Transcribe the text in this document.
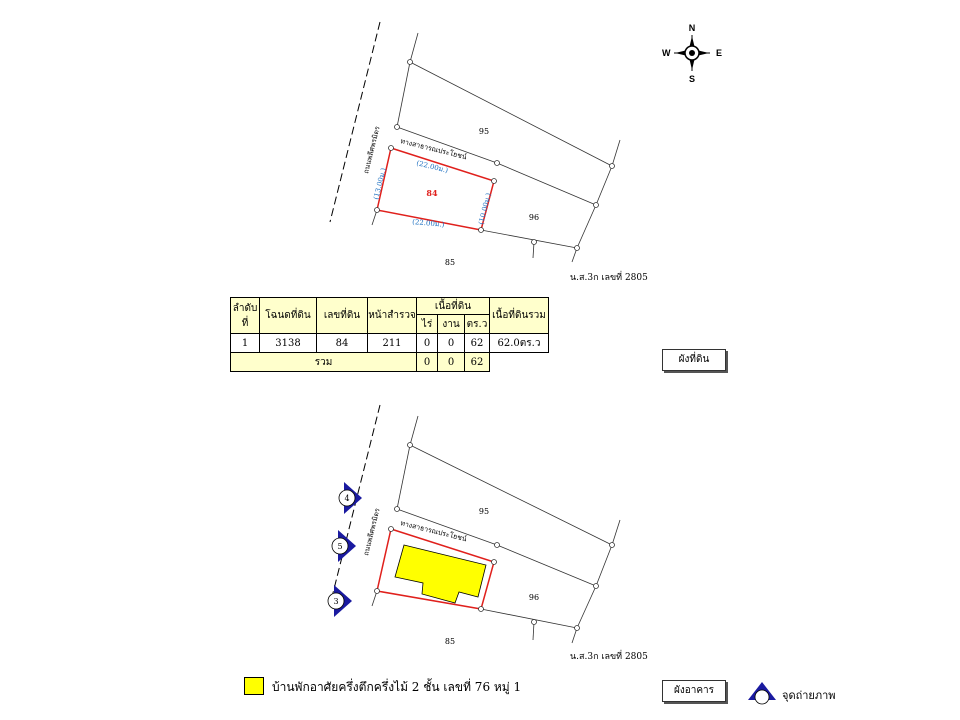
N
S
E
W
ถนนพลีศพรมิตร	ทางสาธารณประโยชน์
(22.00ม.)
(13.00ม.)
(10.00ม.)
(22.00ม.)
84
95
96
85
น.ส.3ก เลขที่ 2805
ถนนพลีศพรมิตร	ทางสาธารณประโยชน์
95
96
85
น.ส.3ก เลขที่ 2805
4
5
3
ลำดับที่	โฉนดที่ดิน	เลขที่ดิน	หน้าสำรวจ	เนื้อที่ดิน			เนื้อที่ดินรวม
				ไร่	งาน	ตร.ว	
1	3138	84	211	0	0	62	62.0ตร.ว
รวม				0	0	62		ผังที่ดิน
ผังอาคาร
บ้านพักอาศัยครึ่งตึกครึ่งไม้ 2 ชั้น เลขที่ 76 หมู่ 1
จุดถ่ายภาพ
